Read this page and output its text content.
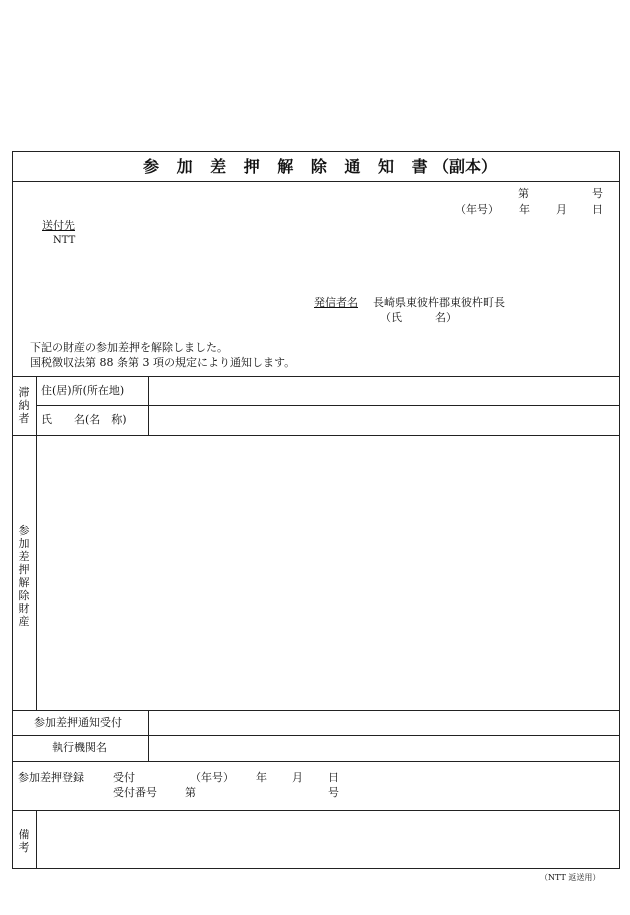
参 加 差 押 解 除 通 知 書 （副本）
第	号
（年号） 年 月 日
送付先
NTT
発信者名 長崎県東彼杵郡東彼杵町長
（氏　　　名）
下記の財産の参加差押を解除しました。
国税徴収法第 88 条第 3 項の規定により通知します。
滞納者
住(居)所(所在地)
氏　　名(名　称)
参加差押解除財産
参加差押通知受付
執行機関名
参加差押登録	受付	（年号） 年 月 日
受付番号	第	号
備考
（NTT 返送用）
